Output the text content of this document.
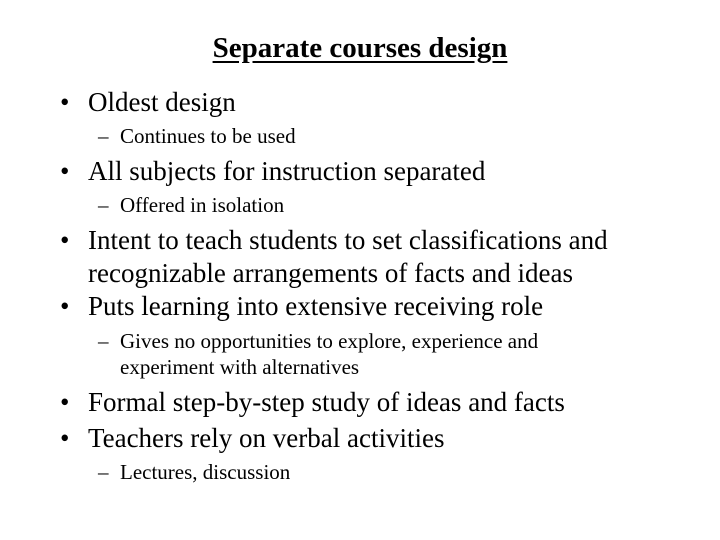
Separate courses design
• Oldest design
– Continues to be used
• All subjects for instruction separated
– Offered in isolation
• Intent to teach students to set classifications and recognizable arrangements of facts and ideas
• Puts learning into extensive receiving role
– Gives no opportunities to explore, experience and experiment with alternatives
• Formal step-by-step study of ideas and facts
• Teachers rely on verbal activities
– Lectures, discussion
